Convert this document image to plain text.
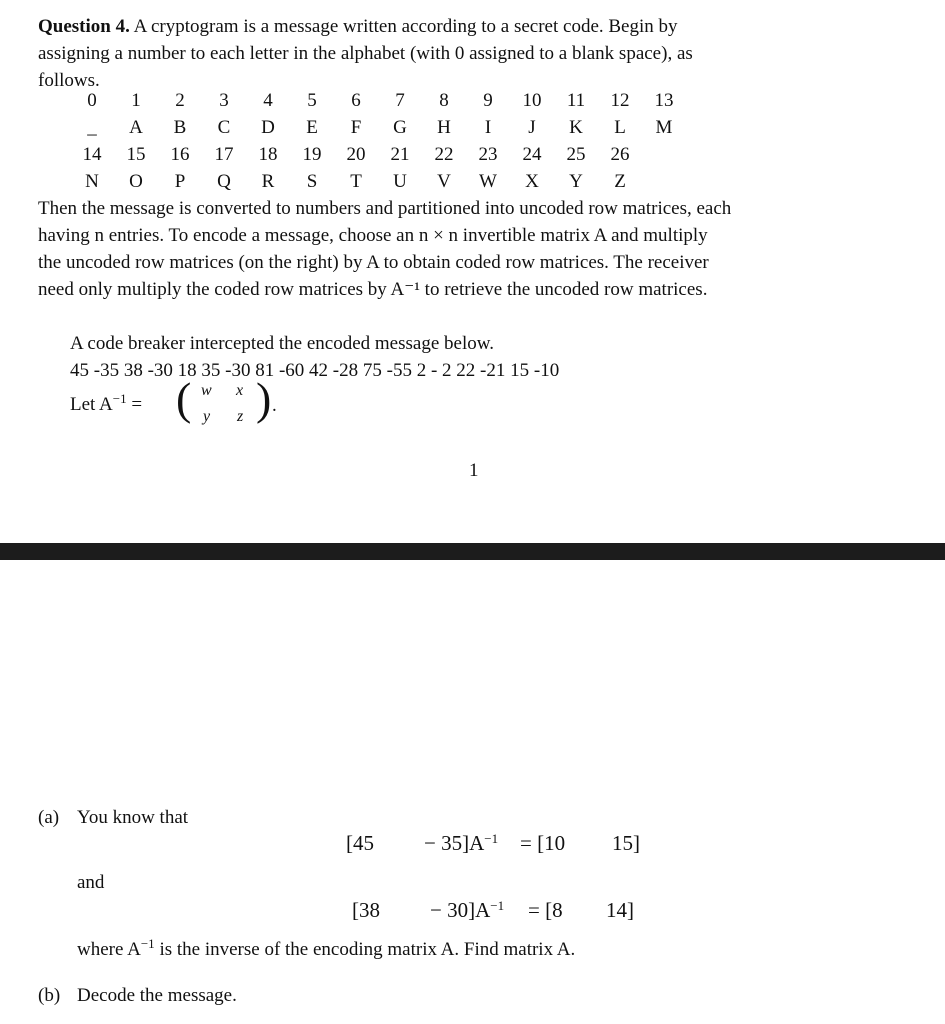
Question 4. A cryptogram is a message written according to a secret code. Begin by
assigning a number to each letter in the alphabet (with 0 assigned to a blank space), as
follows.
0	1	2	3	4	5	6	7	8	9	10	11	12	13
_	A	B	C	D	E	F	G	H	I	J	K	L	M
14	15	16	17	18	19	20	21	22	23	24	25	26
N	O	P	Q	R	S	T	U	V	W	X	Y	Z
Then the message is converted to numbers and partitioned into uncoded row matrices, each
having n entries. To encode a message, choose an n × n invertible matrix A and multiply
the uncoded row matrices (on the right) by A to obtain coded row matrices. The receiver
need only multiply the coded row matrices by A⁻¹ to retrieve the uncoded row matrices.
A code breaker intercepted the encoded message below.
45 -35 38 -30 18 35 -30 81 -60 42 -28 75 -55 2 - 2 22 -21 15 -10
Let $A^{-1}$ = ( w x
y z ) .
1
(a) You know that
$[45 - 35]A^{-1} = [10$ 15]
and
$[38 - 30]A^{-1} = [8$ 14]
where $A^{-1}$ is the inverse of the encoding matrix A. Find matrix A.
(b) Decode the message.
